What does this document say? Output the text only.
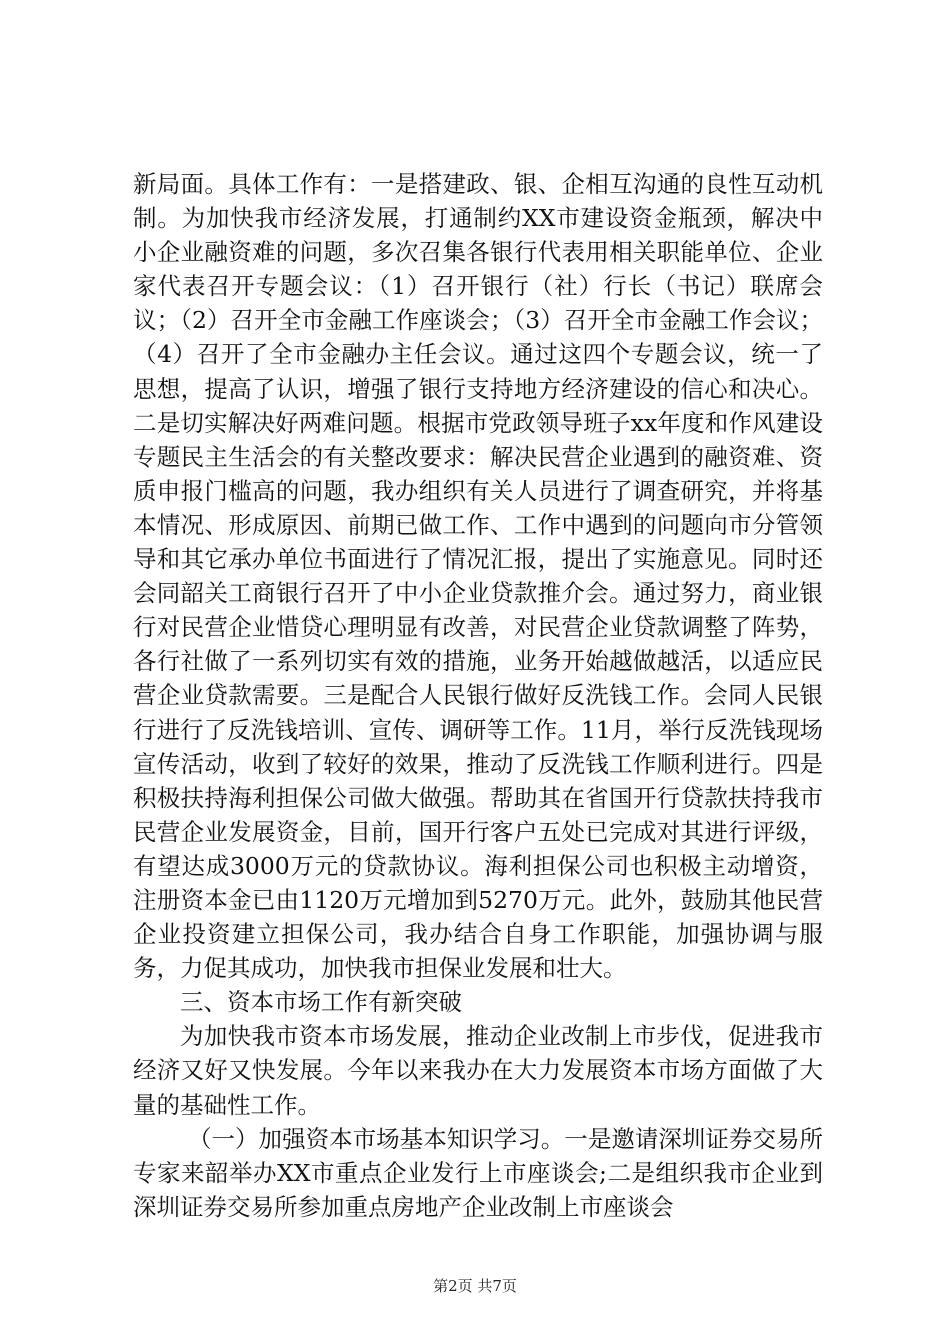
新局面。具体工作有：一是搭建政、银、企相互沟通的良性互动机制。为加快我市经济发展，打通制约XX市建设资金瓶颈，解决中小企业融资难的问题，多次召集各银行代表用相关职能单位、企业家代表召开专题会议：（1）召开银行（社）行长（书记）联席会议；（2）召开全市金融工作座谈会；（3）召开全市金融工作会议；（4）召开了全市金融办主任会议。通过这四个专题会议，统一了思想，提高了认识，增强了银行支持地方经济建设的信心和决心。二是切实解决好两难问题。根据市党政领导班子xx年度和作风建设专题民主生活会的有关整改要求：解决民营企业遇到的融资难、资质申报门槛高的问题，我办组织有关人员进行了调查研究，并将基本情况、形成原因、前期已做工作、工作中遇到的问题向市分管领导和其它承办单位书面进行了情况汇报，提出了实施意见。同时还会同韶关工商银行召开了中小企业贷款推介会。通过努力，商业银行对民营企业惜贷心理明显有改善，对民营企业贷款调整了阵势，各行社做了一系列切实有效的措施，业务开始越做越活，以适应民营企业贷款需要。三是配合人民银行做好反洗钱工作。会同人民银行进行了反洗钱培训、宣传、调研等工作。11月，举行反洗钱现场宣传活动，收到了较好的效果，推动了反洗钱工作顺利进行。四是积极扶持海利担保公司做大做强。帮助其在省国开行贷款扶持我市民营企业发展资金，目前，国开行客户五处已完成对其进行评级，有望达成3000万元的贷款协议。海利担保公司也积极主动增资，注册资本金已由1120万元增加到5270万元。此外，鼓励其他民营企业投资建立担保公司，我办结合自身工作职能，加强协调与服务，力促其成功，加快我市担保业发展和壮大。

三、资本市场工作有新突破

为加快我市资本市场发展，推动企业改制上市步伐，促进我市经济又好又快发展。今年以来我办在大力发展资本市场方面做了大量的基础性工作。

（一）加强资本市场基本知识学习。一是邀请深圳证券交易所专家来韶举办XX市重点企业发行上市座谈会;二是组织我市企业到深圳证券交易所参加重点房地产企业改制上市座谈会

第2页 共7页
